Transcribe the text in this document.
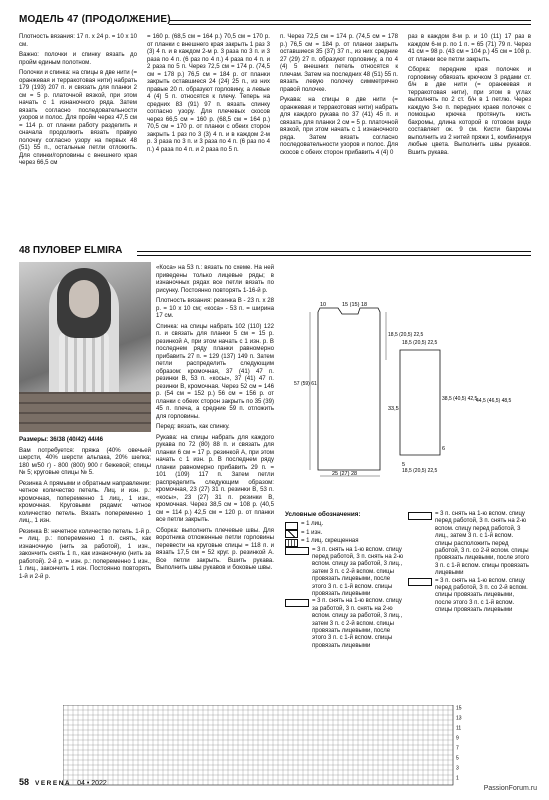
МОДЕЛЬ 47 (ПРОДОЛЖЕНИЕ)

Плотность вязания: 17 п. х 24 р. = 10 х 10 см.

Важно: полочки и спинку вязать до пройм единым полотном.

Полочки и спинка: на спицы в две нити (= оранжевая и терракотовая нити) набрать 179 (193) 207 п. и связать для планки 2 см = 5 р. платочной вязкой, при этом начать с 1 изнаночного ряда. Затем вязать согласно последовательности узоров и полос. Для пройм через 47,5 см = 114 р. от планки работу разделить и сначала продолжить вязать правую полочку согласно узору на первых 48 (51) 55 п., остальные петли отложить. Для спинки/горловины с внешнего края через 66,5 см

= 160 р. (68,5 см = 164 р.) 70,5 см = 170 р. от планки с внешнего края закрыть 1 раз 3 (3) 4 п. и в каждом 2-м р. 3 раза по 3 п. и 3 раза по 4 п. (6 раз по 4 п.) 4 раза по 4 п. и 2 раза по 5 п. Через 72,5 см = 174 р. (74,5 см = 178 р.) 76,5 см = 184 р. от планки закрыть оставшиеся 24 (24) 25 п., из них правые 20 п. образуют горловину, а левые 4 (4) 5 п. относятся к плечу. Теперь на средних 83 (91) 97 п. вязать спинку согласно узору. Для плечевых скосов через 66,5 см = 160 р. (68,5 см = 164 р.) 70,5 см = 170 р. от планки с обеих сторон закрыть 1 раз по 3 (3) 4 п. и в каждом 2-м р. 3 раза по 3 п. и 3 раза по 4 п. (6 раз по 4 п.) 4 раза по 4 п. и 2 раза по 5 п.

п. Через 72,5 см = 174 р. (74,5 см = 178 р.) 76,5 см = 184 р. от планки закрыть оставшиеся 35 (37) 37 п., из них средние 27 (29) 27 п. образуют горловину, а по 4 (4) 5 внешних петель относятся к плечам. Затем на последних 48 (51) 55 п. вязать левую полочку симметрично правой полочке.

Рукава: на спицы в две нити (= оранжевая и терракотовая нити) набрать для каждого рукава по 37 (41) 45 п. и связать для планки 2 см = 5 р. платочной вязкой, при этом начать с 1 изнаночного ряда. Затем вязать согласно последовательности узоров и полос. Для скосов с обеих сторон прибавить 4 (4) 0

раз в каждом 8-м р. и 10 (11) 17 раз в каждом 6-м р. по 1 п. = 65 (71) 79 п. Через 41 см = 98 р. (43 см = 104 р.) 45 см = 108 р. от планки все петли закрыть.

Сборка: передние края полочек и горловину обвязать крючком 3 рядами ст. б/н в две нити (= оранжевая и терракотовая нити), при этом в углах выполнять по 2 ст. б/н в 1 петлю. Через каждую 3-ю п. передних краев полочек с помощью крючка протянуть кисть бахромы, длина которой в готовом виде составляет ок. 9 см. Кисти бахромы выполнить из 2 нитей пряжи 1, комбинируя любые цвета. Выполнить швы рукавов. Вшить рукава.

48 ПУЛОВЕР ELMIRA

Размеры: 36/38 (40/42) 44/46

Вам потребуется: пряжа (40% овечьей шерсти, 40% шерсти альпака, 20% шелка; 180 м/50 г) - 800 (800) 900 г бежевой; спицы № 5; круговые спицы № 5.

Резинка А прямыми и обратным направлении: четное количество петель. Лиц. и изн. р.: кромочная, попеременно 1 лиц., 1 изн., кромочная. Круговыми рядами: четное количество петель. Вязать попеременно 1 лиц., 1 изн.

Резинка В: нечетное количество петель. 1-й р. = лиц. р.: попеременно 1 п. снять, как изнаночную (нить за работой), 1 изн., закончить снять 1 п., как изнаночную (нить за работой). 2-й р. = изн. р.: попеременно 1 изн., 1 лиц., закончить 1 изн. Постоянно повторять 1-й и 2-й р.

«Коса» на 53 п.: вязать по схеме. На ней приведены только лицевые ряды; в изнаночных рядах все петли вязать по рисунку. Постоянно повторять 1-16-й р.

Плотность вязания: резинка В - 23 п. х 28 р. = 10 х 10 см; «коса» - 53 п. = ширина 17 см.

Спинка: на спицы набрать 102 (110) 122 п. и связать для планки 5 см = 15 р. резинкой А, при этом начать с 1 изн. р. В последнем ряду планки равномерно прибавить 27 п. = 129 (137) 149 п. Затем петли распределить следующим образом: кромочная, 37 (41) 47 п. резинки В, 53 п. «косы», 37 (41) 47 п. резинки В, кромочная. Через 52 см = 146 р. (54 см = 152 р.) 56 см = 156 р. от планки с обеих сторон закрыть по 35 (39) 45 п. плеча, а средние 59 п. отложить для горловины.

Перед: вязать, как спинку.

Рукава: на спицы набрать для каждого рукава по 72 (80) 88 п. и связать для планки 6 см = 17 р. резинкой А, при этом начать с 1 изн. р. В последнем ряду планки равномерно прибавить 29 п. = 101 (109) 117 п. Затем петли распределить следующим образом: кромочная, 23 (27) 31 п. резинки В, 53 п. «косы», 23 (27) 31 п. резинки В, кромочная. Через 38,5 см = 108 р. (40,5 см = 114 р.) 42,5 см = 120 р. от планки все петли закрыть.

Сборка: выполнить плечевые швы. Для воротника отложенные петли горловины перевести на круговые спицы = 118 п. и вязать 17,5 см = 52 круг. р. резинкой А. Все петли закрыть. Вшить рукава. Выполнить швы рукавов и боковые швы.

10	15 (15) 18
57 (59) 61
18,5 (20,5) 22,5
33,5
25 (27) 28
5
18,5 (20,5) 22,5
38,5 (40,5) 42,5
44,5 (46,5) 48,5
6
18,5 (20,5) 22,5
Условные обозначения:
= 1 лиц.
= 1 изн.
= 1 лиц. скрещенная
= 3 п. снять на 1-ю вспом. спицу перед работой, 3 п. снять на 2-ю вспом. спицу за работой, 3 лиц., затем 3 п. с 2-й вспом. спицы провязать лицевыми, после этого 3 п. с 1-й вспом. спицы провязать лицевыми
= 3 п. снять на 1-ю вспом. спицу за работой, 3 п. снять на 2-ю вспом. спицу за работой, 3 лиц., затем 3 п. с 2-й вспом. спицы провязать лицевыми, после этого 3 п. с 1-й вспом. спицы провязать лицевыми
= 3 п. снять на 1-ю вспом. спицу перед работой, 3 п. снять на 2-ю вспом. спицу перед работой, 3 лиц., затем 3 п. с 1-й вспом. спицы расположить перед работой, 3 п. со 2-й вспом. спицы провязать лицевыми, после этого 3 п. с 1-й вспом. спицы провязать лицевыми
= 3 п. снять на 1-ю вспом. спицу перед работой, 3 п. со 2-й вспом. спицы провязать лицевыми, после этого 3 п. с 1-й вспом. спицы провязать лицевыми
15
13
11
9
7
5
3
1
58 VERENA 04 • 2022
PassionForum.ru
